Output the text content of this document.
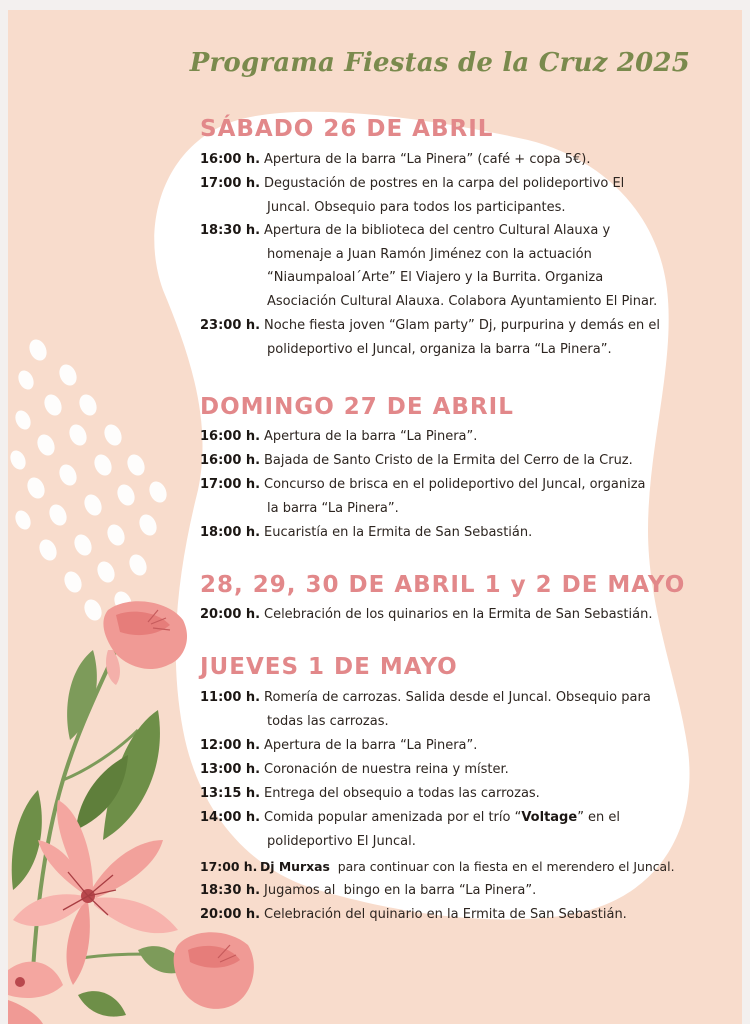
Programa Fiestas de la Cruz 2025
SÁBADO 26 DE ABRIL
16:00 h. Apertura de la barra “La Pinera” (café + copa 5€).
17:00 h. Degustación de postres en la carpa del polideportivo El
Juncal. Obsequio para todos los participantes.
18:30 h. Apertura de la biblioteca del centro Cultural Alauxa y
homenaje a Juan Ramón Jiménez con la actuación
“Niaumpaloal´Arte” El Viajero y la Burrita. Organiza
Asociación Cultural Alauxa. Colabora Ayuntamiento El Pinar.
23:00 h. Noche fiesta joven “Glam party” Dj, purpurina y demás en el
polideportivo el Juncal, organiza la barra “La Pinera”.
DOMINGO 27 DE ABRIL
16:00 h. Apertura de la barra “La Pinera”.
16:00 h. Bajada de Santo Cristo de la Ermita del Cerro de la Cruz.
17:00 h. Concurso de brisca en el polideportivo del Juncal, organiza
la barra “La Pinera”.
18:00 h. Eucaristía en la Ermita de San Sebastián.
28, 29, 30 DE ABRIL 1 y 2 DE MAYO
20:00 h. Celebración de los quinarios en la Ermita de San Sebastián.
JUEVES 1 DE MAYO
11:00 h. Romería de carrozas. Salida desde el Juncal. Obsequio para
todas las carrozas.
12:00 h. Apertura de la barra “La Pinera”.
13:00 h. Coronación de nuestra reina y míster.
13:15 h. Entrega del obsequio a todas las carrozas.
14:00 h. Comida popular amenizada por el trío “Voltage” en el
polideportivo El Juncal.
17:00 h. Dj Murxas  para continuar con la fiesta en el merendero el Juncal.
18:30 h. Jugamos al  bingo en la barra “La Pinera”.
20:00 h. Celebración del quinario en la Ermita de San Sebastián.
